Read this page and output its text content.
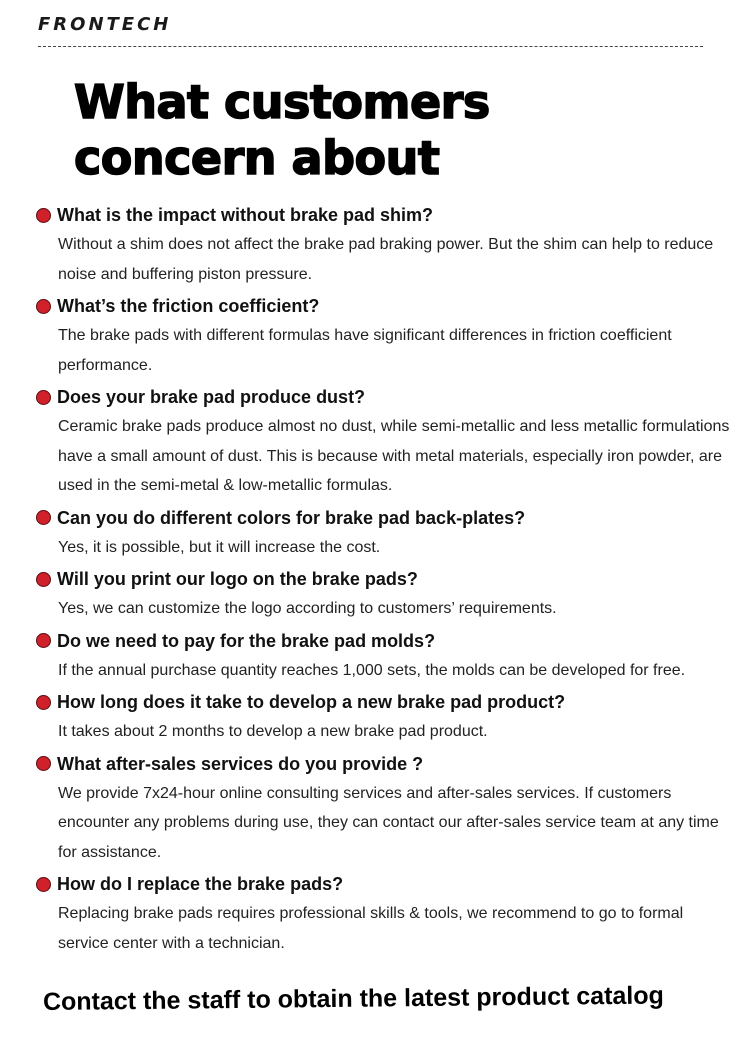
FRONTECH
What customers concern about
What is the impact without brake pad shim?

Without a shim does not affect the brake pad braking power. But the shim can help to reduce noise and buffering piston pressure.

What’s the friction coefficient?

The brake pads with different formulas have significant differences in friction coefficient performance.

Does your brake pad produce dust?

Ceramic brake pads produce almost no dust, while semi-metallic and less metallic formulations have a small amount of dust. This is because with metal materials, especially iron powder, are used in the semi-metal & low-metallic formulas.

Can you do different colors for brake pad back-plates?

Yes, it is possible, but it will increase the cost.

Will you print our logo on the brake pads?

Yes, we can customize the logo according to customers’ requirements.

Do we need to pay for the brake pad molds?

If the annual purchase quantity reaches 1,000 sets, the molds can be developed for free.

How long does it take to develop a new brake pad product?

It takes about 2 months to develop a new brake pad product.

What after-sales services do you provide ?

We provide 7x24-hour online consulting services and after-sales services. If customers encounter any problems during use, they can contact our after-sales service team at any time for assistance.

How do I replace the brake pads?

Replacing brake pads requires professional skills & tools, we recommend to go to formal service center with a technician.

Contact the staff to obtain the latest product catalog
